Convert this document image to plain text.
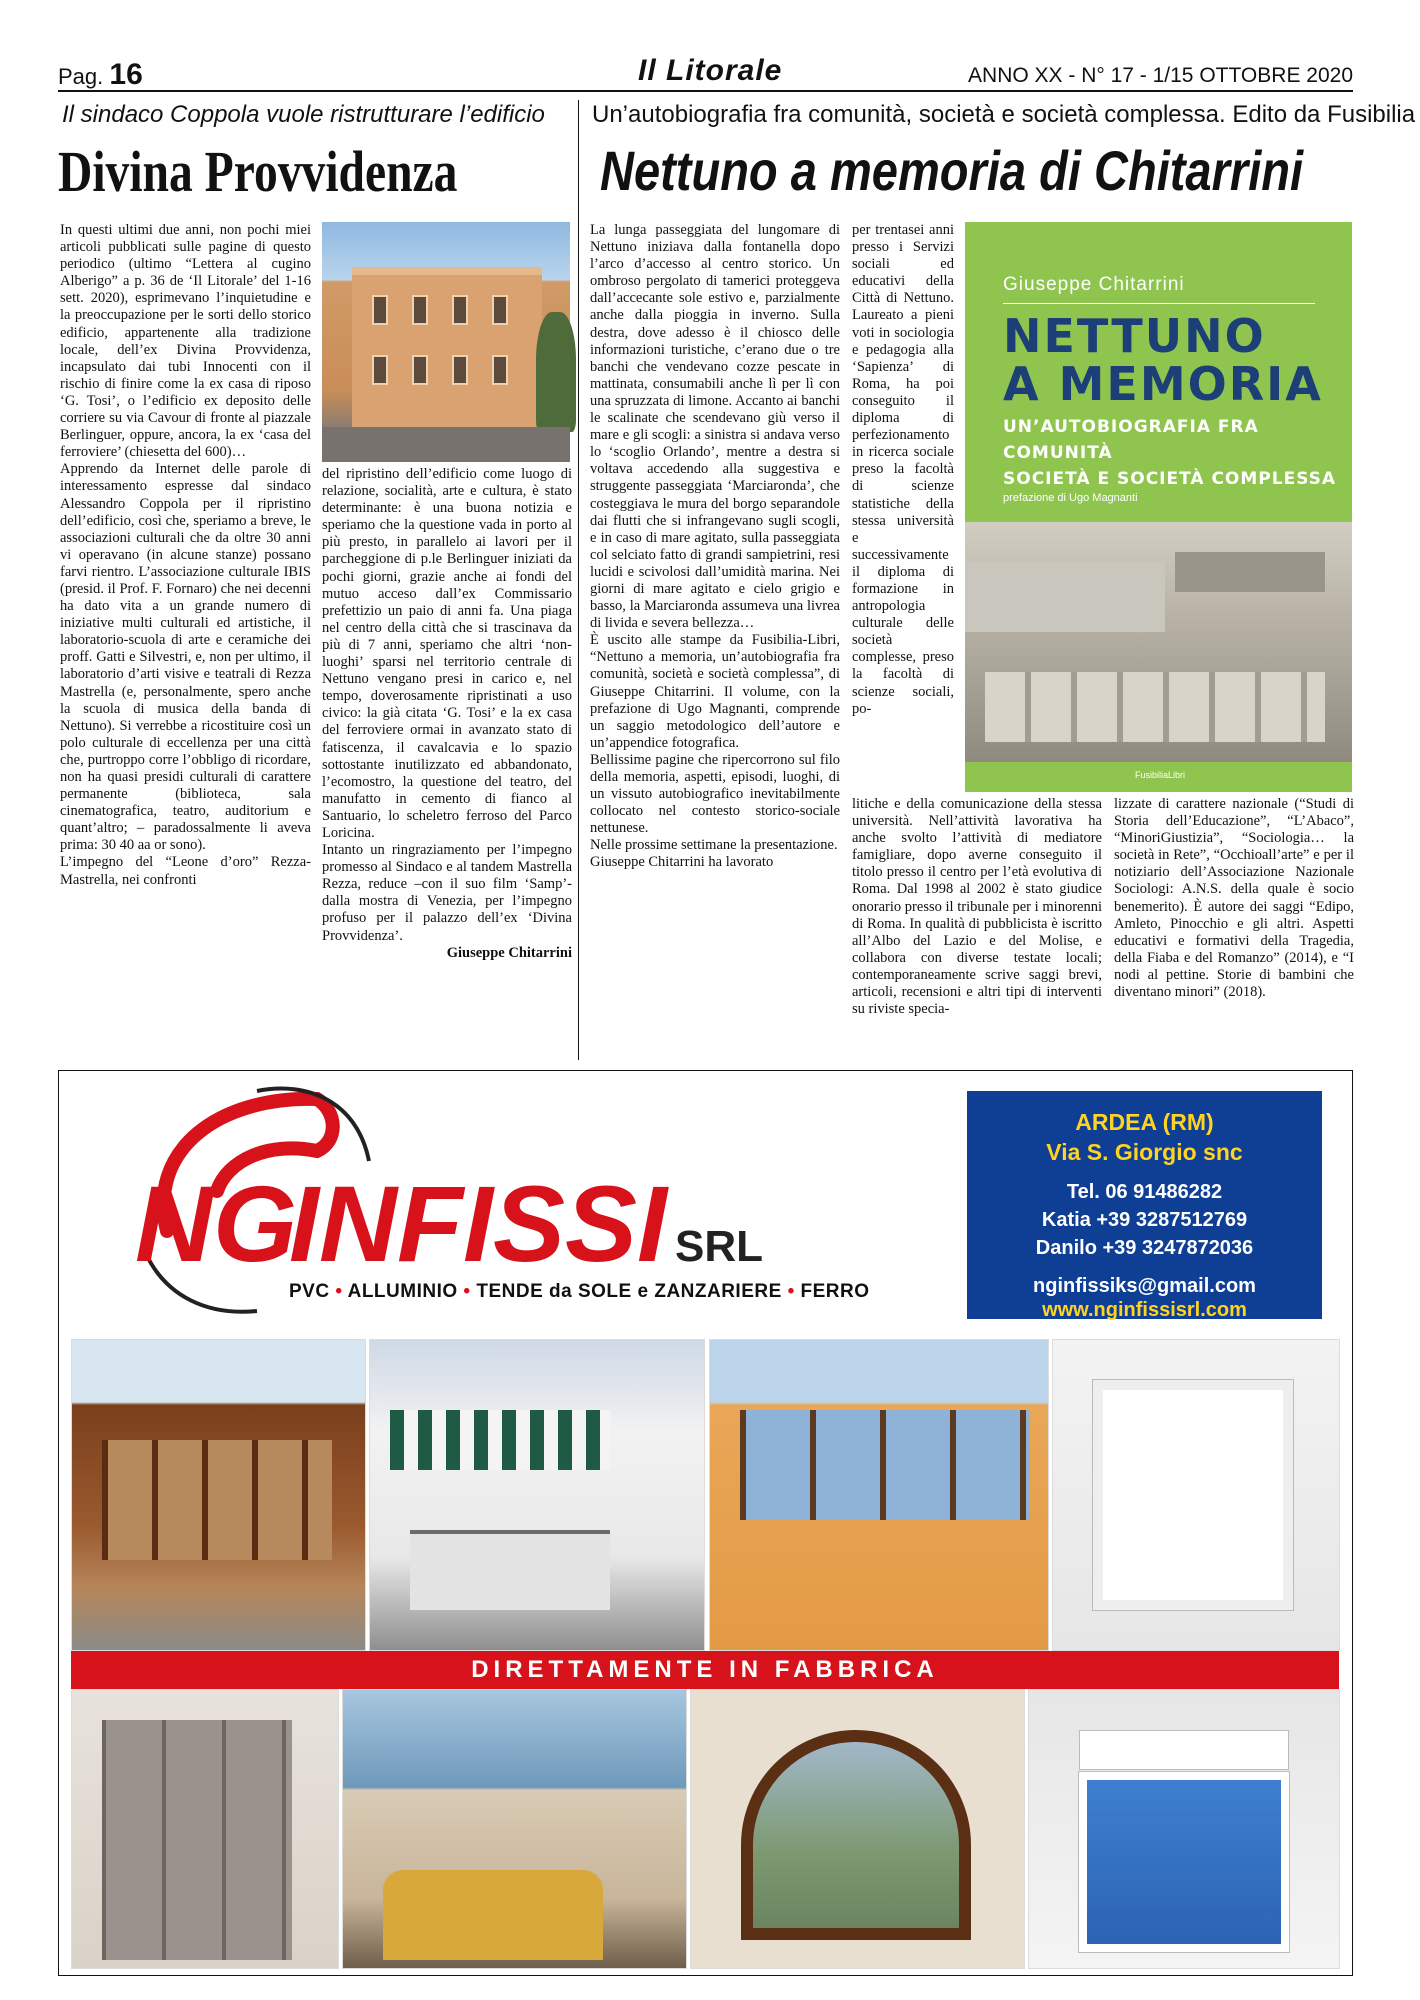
Pag. 16	Il Litorale	ANNO XX - N° 17 - 1/15 OTTOBRE 2020
Il sindaco Coppola vuole ristrutturare l’edificio
Divina Provvidenza

In questi ultimi due anni, non pochi miei articoli pubblicati sulle pagine di questo periodico (ultimo “Lettera al cugino Alberigo” a p. 36 de ‘Il Litorale’ del 1-16 sett. 2020), esprimevano l’inquietudine e la preoccupazione per le sorti dello storico edificio, appartenente alla tradizione locale, dell’ex Divina Provvidenza, incapsulato dai tubi Innocenti con il rischio di finire come la ex casa di riposo ‘G. Tosi’, o l’edificio ex deposito delle corriere su via Cavour di fronte al piazzale Berlinguer, oppure, ancora, la ex ‘casa del ferroviere’ (chiesetta del 600)…

Apprendo da Internet delle parole di interessamento espresse dal sindaco Alessandro Coppola per il ripristino dell’edificio, così che, speriamo a breve, le associazioni culturali che da oltre 30 anni vi operavano (in alcune stanze) possano farvi rientro. L’associazione culturale IBIS (presid. il Prof. F. Fornaro) che nei decenni ha dato vita a un grande numero di iniziative multi culturali ed artistiche, il laboratorio-scuola di arte e ceramiche dei proff. Gatti e Silvestri, e, non per ultimo, il laboratorio d’arti visive e teatrali di Rezza Mastrella (e, personalmente, spero anche la scuola di musica della banda di Nettuno). Si verrebbe a ricostituire così un polo culturale di eccellenza per una città che, purtroppo corre l’obbligo di ricordare, non ha quasi presidi culturali di carattere permanente (biblioteca, sala cinematografica, teatro, auditorium e quant’altro; – paradossalmente li aveva prima: 30 40 aa or sono).

L’impegno del “Leone d’oro” Rezza-Mastrella, nei confronti

del ripristino dell’edificio come luogo di relazione, socialità, arte e cultura, è stato determinante: è una buona notizia e speriamo che la questione vada in porto al più presto, in parallelo ai lavori per il parcheggione di p.le Berlinguer iniziati da pochi giorni, grazie anche ai fondi del mutuo acceso dall’ex Commissario prefettizio un paio di anni fa. Una piaga nel centro della città che si trascinava da più di 7 anni, speriamo che altri ‘non-luoghi’ sparsi nel territorio centrale di Nettuno vengano presi in carico e, nel tempo, doverosamente ripristinati a uso civico: la già citata ‘G. Tosi’ e la ex casa del ferroviere ormai in avanzato stato di fatiscenza, il cavalcavia e lo spazio sottostante inutilizzato ed abbandonato, l’ecomostro, la questione del teatro, del manufatto in cemento di fianco al Santuario, lo scheletro ferroso del Parco Loricina.

Intanto un ringraziamento per l’impegno promesso al Sindaco e al tandem Mastrella Rezza, reduce –con il suo film ‘Samp’- dalla mostra di Venezia, per l’impegno profuso per il palazzo dell’ex ‘Divina Provvidenza’.

Giuseppe Chitarrini

Un’autobiografia fra comunità, società e società complessa. Edito da Fusibilia
Nettuno a memoria di Chitarrini

La lunga passeggiata del lungomare di Nettuno iniziava dalla fontanella dopo l’arco d’accesso al centro storico. Un ombroso pergolato di tamerici proteggeva dall’accecante sole estivo e, parzialmente anche dalla pioggia in inverno. Sulla destra, dove adesso è il chiosco delle informazioni turistiche, c’erano due o tre banchi che vendevano cozze pescate in mattinata, consumabili anche lì per lì con una spruzzata di limone. Accanto ai banchi le scalinate che scendevano giù verso il mare e gli scogli: a sinistra si andava verso lo ‘scoglio Orlando’, mentre a destra si voltava accedendo alla suggestiva e struggente passeggiata ‘Marciaronda’, che costeggiava le mura del borgo separandole dai flutti che si infrangevano sugli scogli, e in caso di mare agitato, sulla passeggiata col selciato fatto di grandi sampietrini, resi lucidi e scivolosi dall’umidità marina. Nei giorni di mare agitato e cielo grigio e basso, la Marciaronda assumeva una livrea di livida e severa bellezza…

È uscito alle stampe da Fusibilia-Libri, “Nettuno a memoria, un’autobiografia fra comunità, società e società complessa”, di Giuseppe Chitarrini. Il volume, con la prefazione di Ugo Magnanti, comprende un saggio metodologico dell’autore e un’appendice fotografica.

Bellissime pagine che ripercorrono sul filo della memoria, aspetti, episodi, luoghi, di un vissuto autobiografico inevitabilmente collocato nel contesto storico-sociale nettunese.

Nelle prossime settimane la presentazione.

Giuseppe Chitarrini ha lavorato

per trentasei anni presso i Servizi sociali ed educativi della Città di Nettuno. Laureato a pieni voti in sociologia e pedagogia alla ‘Sapienza’ di Roma, ha poi conseguito il diploma di perfezionamento in ricerca sociale preso la facoltà di scienze statistiche della stessa università e successivamente il diploma di formazione in antropologia culturale delle società complesse, preso la facoltà di scienze sociali, po-

Giuseppe Chitarrini
NETTUNO
A MEMORIA
UN’AUTOBIOGRAFIA FRA COMUNITÀ
SOCIETÀ E SOCIETÀ COMPLESSA
prefazione di Ugo Magnanti
FusibiliaLibri

litiche e della comunicazione della stessa università. Nell’attività lavorativa ha anche svolto l’attività di mediatore famigliare, dopo averne conseguito il titolo presso il centro per l’età evolutiva di Roma. Dal 1998 al 2002 è stato giudice onorario presso il tribunale per i minorenni di Roma. In qualità di pubblicista è iscritto all’Albo del Lazio e del Molise, e collabora con diverse testate locali; contemporaneamente scrive saggi brevi, articoli, recensioni e altri tipi di interventi su riviste specia-

lizzate di carattere nazionale (“Studi di Storia dell’Educazione”, “L’Abaco”, “MinoriGiustizia”, “Sociologia… la società in Rete”, “Occhioall’arte” e per il notiziario dell’Associazione Nazionale Sociologi: A.N.S. della quale è socio benemerito). È autore dei saggi “Edipo, Amleto, Pinocchio e gli altri. Aspetti educativi e formativi della Tragedia, della Fiaba e del Romanzo” (2014), e “I nodi al pettine. Storie di bambini che diventano minori” (2018).

NG
INFISSI SRL
PVC • ALLUMINIO • TENDE da SOLE e ZANZARIERE • FERRO
ARDEA (RM)
Via S. Giorgio snc
Tel. 06 91486282
Katia +39 3287512769
Danilo +39 3247872036
nginfissiks@gmail.com
www.nginfissisrl.com
DIRETTAMENTE IN FABBRICA
